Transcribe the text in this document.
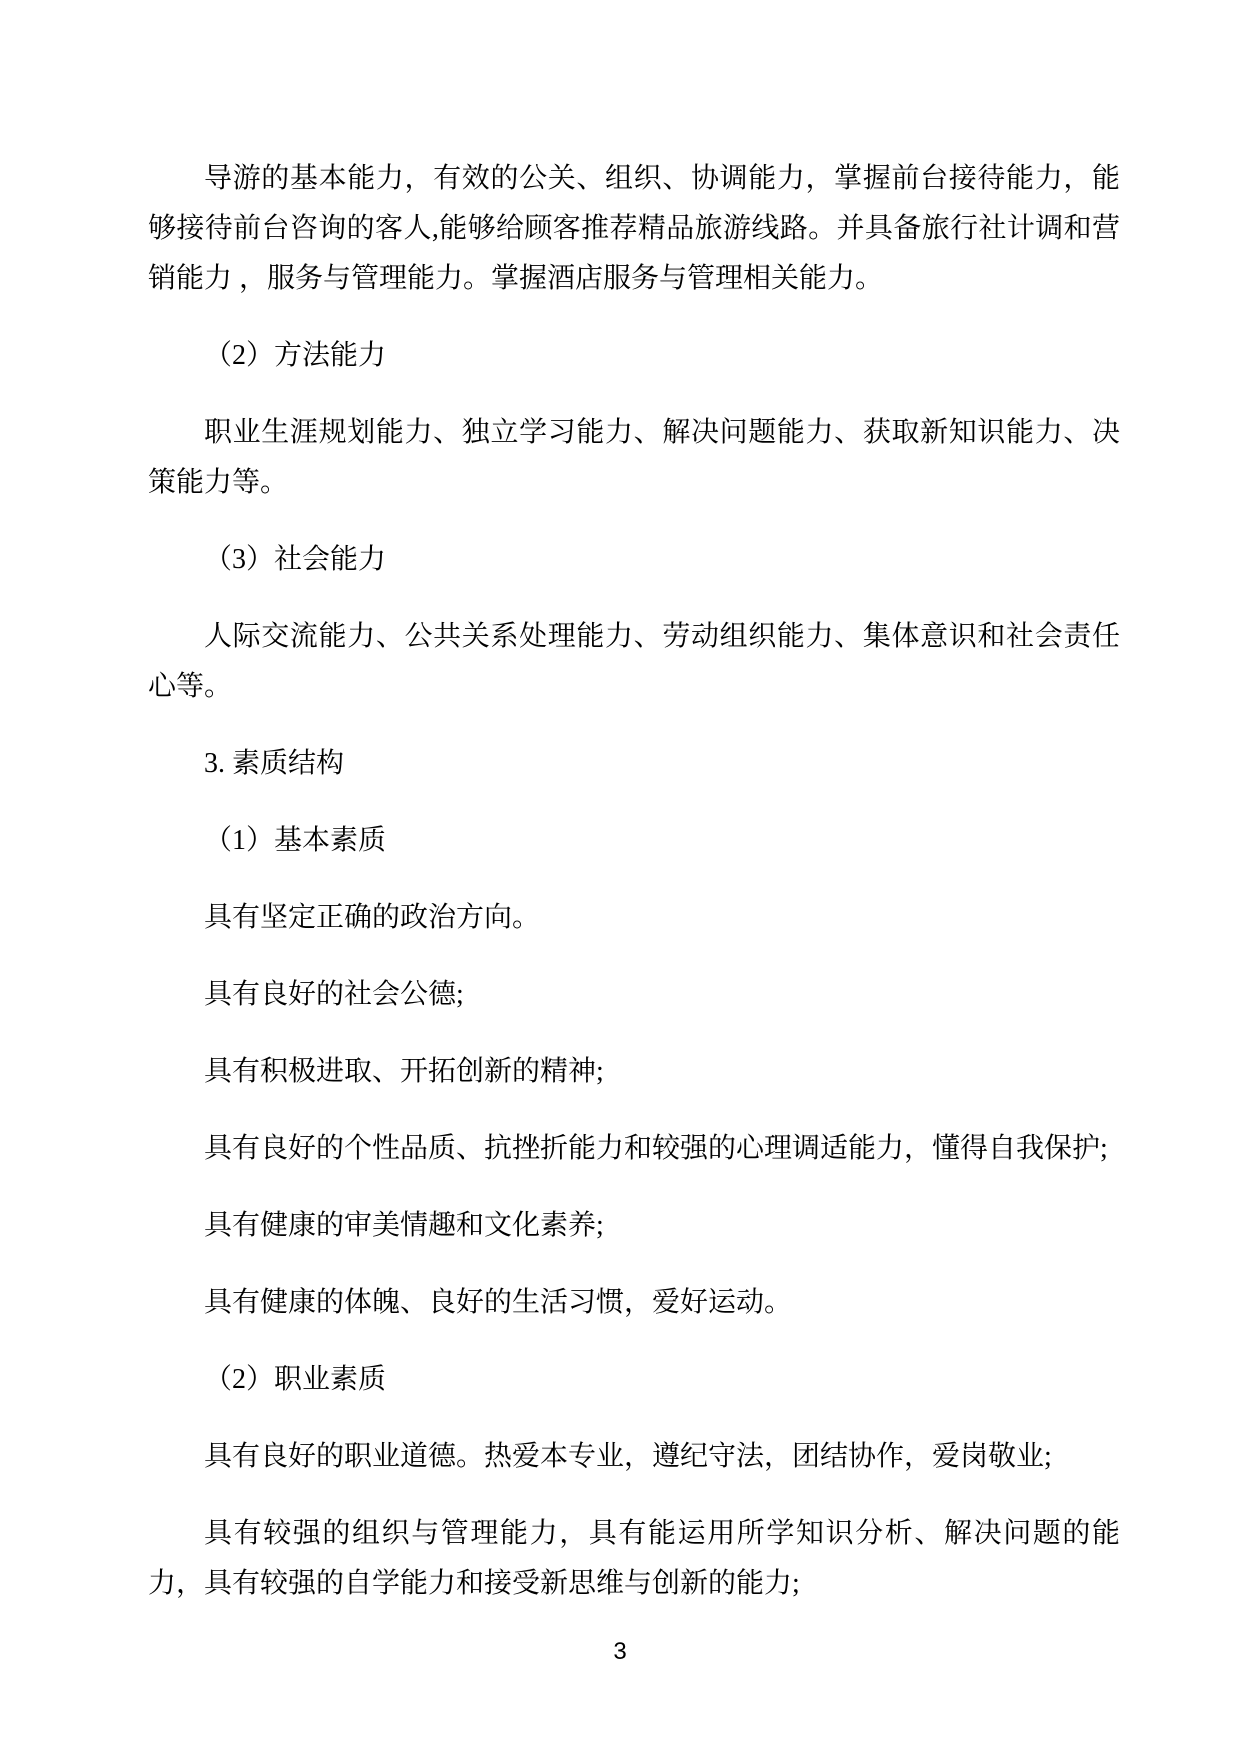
导游的基本能力，有效的公关、组织、协调能力，掌握前台接待能力，能够接待前台咨询的客人,能够给顾客推荐精品旅游线路。并具备旅行社计调和营销能力 ，服务与管理能力。掌握酒店服务与管理相关能力。

（2）方法能力

职业生涯规划能力、独立学习能力、解决问题能力、获取新知识能力、决策能力等。

（3）社会能力

人际交流能力、公共关系处理能力、劳动组织能力、集体意识和社会责任心等。

3. 素质结构

（1）基本素质

具有坚定正确的政治方向。

具有良好的社会公德;

具有积极进取、开拓创新的精神;

具有良好的个性品质、抗挫折能力和较强的心理调适能力，懂得自我保护;

具有健康的审美情趣和文化素养;

具有健康的体魄、良好的生活习惯，爱好运动。

（2）职业素质

具有良好的职业道德。热爱本专业，遵纪守法，团结协作，爱岗敬业;

具有较强的组织与管理能力，具有能运用所学知识分析、解决问题的能力，具有较强的自学能力和接受新思维与创新的能力;

3
